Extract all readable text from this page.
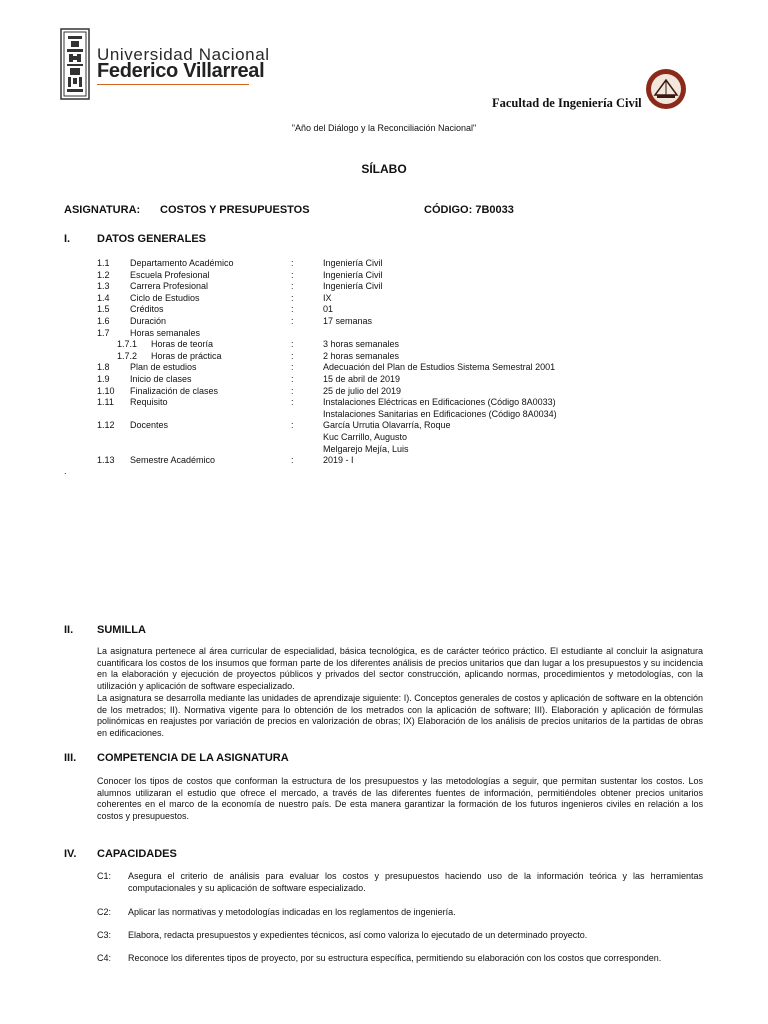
Universidad Nacional
Federico Villarreal
Facultad de Ingeniería Civil
"Año del Diálogo y la Reconciliación Nacional"
SÍLABO
ASIGNATURA: COSTOS Y PRESUPUESTOS	CÓDIGO: 7B0033
I. DATOS GENERALES
1.1 Departamento Académico	:	Ingeniería Civil
1.2 Escuela Profesional	:	Ingeniería Civil
1.3 Carrera Profesional	:	Ingeniería Civil
1.4 Ciclo de Estudios	:	IX
1.5 Créditos	:	01
1.6 Duración	:	17 semanas
1.7 Horas semanales
1.7.1 Horas de teoría	:	3 horas semanales
1.7.2 Horas de práctica	:	2 horas semanales
1.8 Plan de estudios	:	Adecuación del Plan de Estudios Sistema Semestral 2001
1.9 Inicio de clases	:	15 de abril de 2019
1.10 Finalización de clases	:	25 de julio del 2019
1.11 Requisito	:	Instalaciones Eléctricas en Edificaciones (Código 8A0033)
Instalaciones Sanitarias en Edificaciones (Código 8A0034)
1.12 Docentes	:	García Urrutia Olavarría, Roque
Kuc Carrillo, Augusto
Melgarejo Mejía, Luis
1.13 Semestre Académico	:	2019 - I
.
II. SUMILLA
La asignatura pertenece al área curricular de especialidad, básica tecnológica, es de carácter teórico práctico. El estudiante al concluir la asignatura cuantificara los costos de los insumos que forman parte de los diferentes análisis de precios unitarios que dan lugar a los presupuestos y su incidencia en la elaboración y ejecución de proyectos públicos y privados del sector construcción, aplicando normas, procedimientos y metodologías, con la utilización y aplicación de software especializado.
La asignatura se desarrolla mediante las unidades de aprendizaje siguiente: I). Conceptos generales de costos y aplicación de software en la obtención de los metrados; II). Normativa vigente para lo obtención de los metrados con la aplicación de software; III). Elaboración y aplicación de fórmulas polinómicas en reajustes por variación de precios en valorización de obras; IX) Elaboración de los análisis de precios unitarios de la partidas de obras en edificaciones.
III. COMPETENCIA DE LA ASIGNATURA
Conocer los tipos de costos que conforman la estructura de los presupuestos y las metodologías a seguir, que permitan sustentar los costos. Los alumnos utilizaran el estudio que ofrece el mercado, a través de las diferentes fuentes de información, permitiéndoles obtener precios unitarios coherentes en el marco de la economía de nuestro país. De esta manera garantizar la formación de los futuros ingenieros civiles en relación a los costos y presupuestos.
IV. CAPACIDADES
C1: Asegura el criterio de análisis para evaluar los costos y presupuestos haciendo uso de la información teórica y las herramientas computacionales y su aplicación de software especializado.
C2: Aplicar las normativas y metodologías indicadas en los reglamentos de ingeniería.
C3: Elabora, redacta presupuestos y expedientes técnicos, así como valoriza lo ejecutado de un determinado proyecto.
C4: Reconoce los diferentes tipos de proyecto, por su estructura específica, permitiendo su elaboración con los costos que corresponden.
